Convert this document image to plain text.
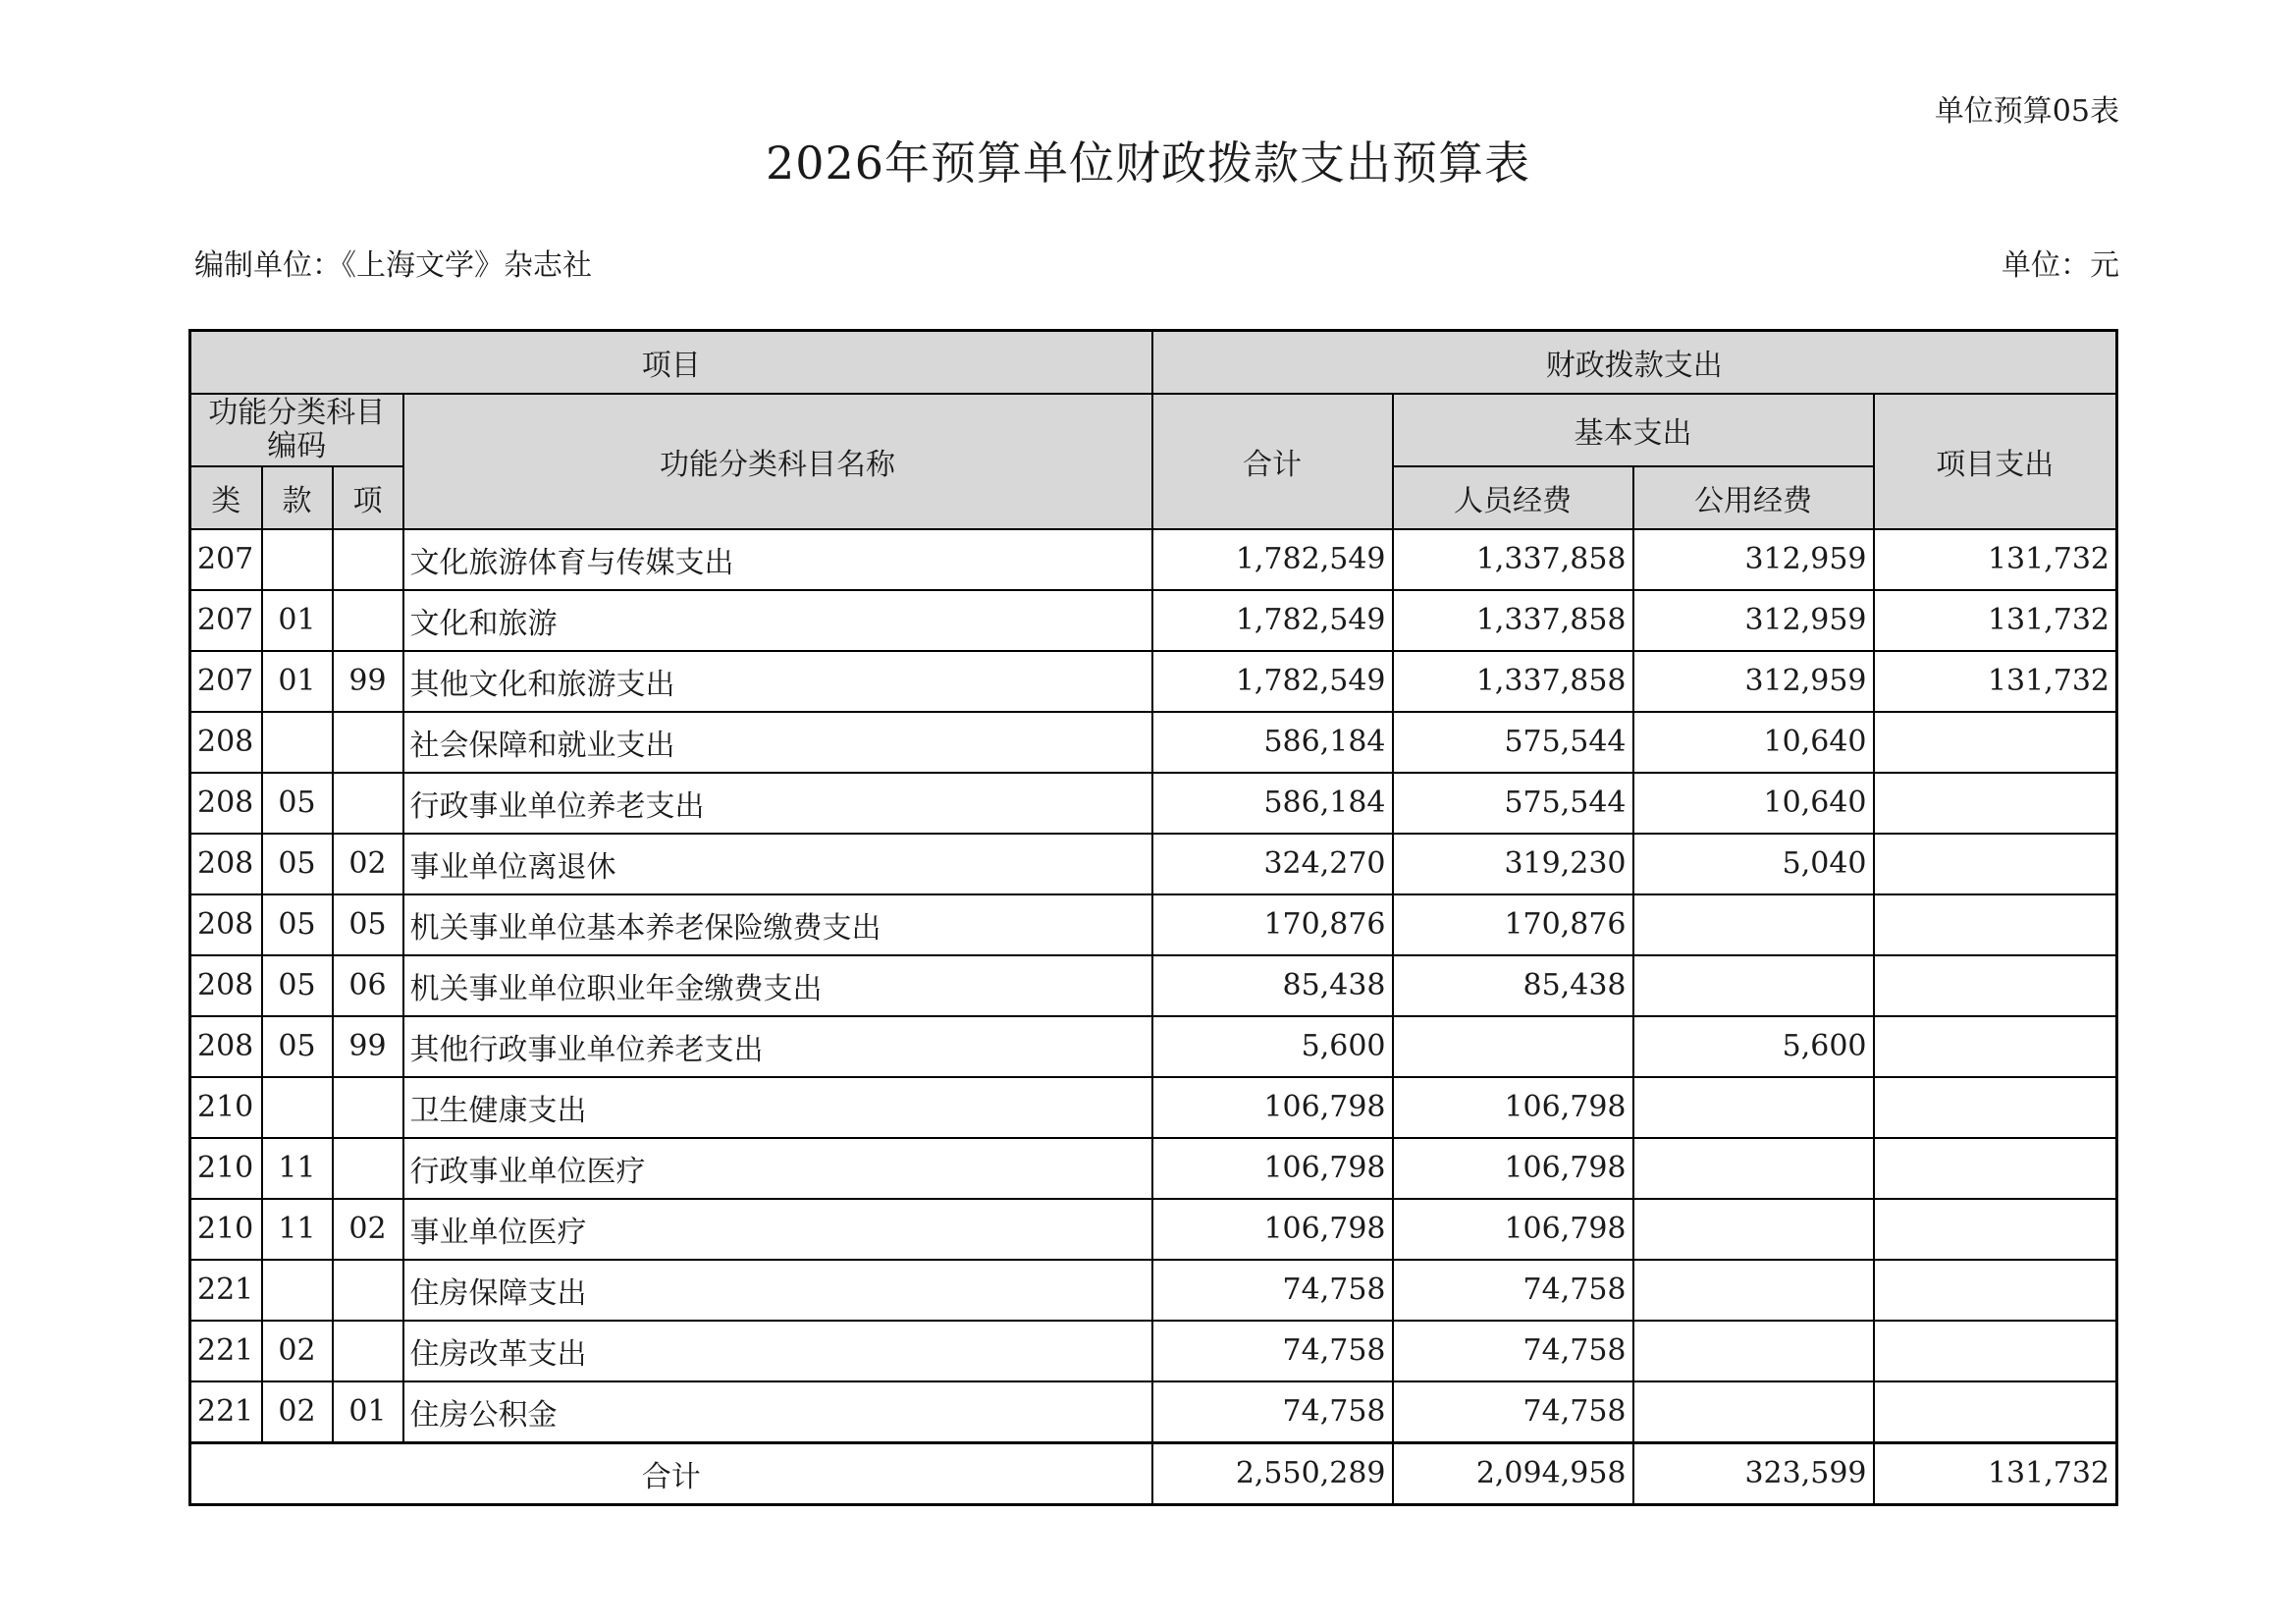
单位预算05表
2026年预算单位财政拨款支出预算表
编制单位：《上海文学》杂志社	单位：元
项目				财政拨款支出			
功能分类科目编码			功能分类科目名称	合计	基本支出		项目支出
类	款	项			人员经费	公用经费	
207			文化旅游体育与传媒支出	1,782,549	1,337,858	312,959	131,732
207	01		文化和旅游	1,782,549	1,337,858	312,959	131,732
207	01	99	其他文化和旅游支出	1,782,549	1,337,858	312,959	131,732
208			社会保障和就业支出	586,184	575,544	10,640	
208	05		行政事业单位养老支出	586,184	575,544	10,640	
208	05	02	事业单位离退休	324,270	319,230	5,040	
208	05	05	机关事业单位基本养老保险缴费支出	170,876	170,876		
208	05	06	机关事业单位职业年金缴费支出	85,438	85,438		
208	05	99	其他行政事业单位养老支出	5,600		5,600	
210			卫生健康支出	106,798	106,798		
210	11		行政事业单位医疗	106,798	106,798		
210	11	02	事业单位医疗	106,798	106,798		
221			住房保障支出	74,758	74,758		
221	02		住房改革支出	74,758	74,758		
221	02	01	住房公积金	74,758	74,758		
合计				2,550,289	2,094,958	323,599	131,732
